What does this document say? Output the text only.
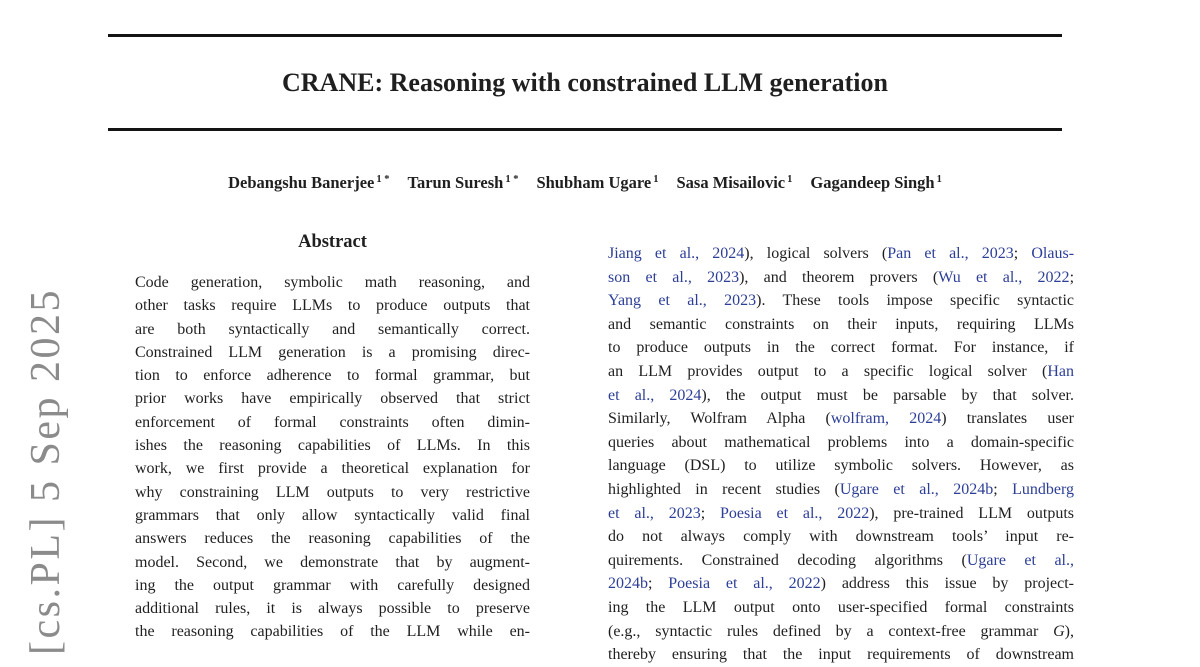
[cs.PL] 5 Sep 2025
CRANE: Reasoning with constrained LLM generation
Debangshu Banerjee $^{1 *}$ Tarun Suresh $^{1 *}$ Shubham Ugare $^1$ Sasa Misailovic $^1$ Gagandeep Singh $^1$
Abstract
Code generation, symbolic math reasoning, and
other tasks require LLMs to produce outputs that
are both syntactically and semantically correct.
Constrained LLM generation is a promising direc-
tion to enforce adherence to formal grammar, but
prior works have empirically observed that strict
enforcement of formal constraints often dimin-
ishes the reasoning capabilities of LLMs. In this
work, we first provide a theoretical explanation for
why constraining LLM outputs to very restrictive
grammars that only allow syntactically valid final
answers reduces the reasoning capabilities of the
model. Second, we demonstrate that by augment-
ing the output grammar with carefully designed
additional rules, it is always possible to preserve
the reasoning capabilities of the LLM while en-
Jiang et al., 2024), logical solvers (Pan et al., 2023; Olaus-
son et al., 2023), and theorem provers (Wu et al., 2022;
Yang et al., 2023). These tools impose specific syntactic
and semantic constraints on their inputs, requiring LLMs
to produce outputs in the correct format. For instance, if
an LLM provides output to a specific logical solver (Han
et al., 2024), the output must be parsable by that solver.
Similarly, Wolfram Alpha (wolfram, 2024) translates user
queries about mathematical problems into a domain-specific
language (DSL) to utilize symbolic solvers. However, as
highlighted in recent studies (Ugare et al., 2024b; Lundberg
et al., 2023; Poesia et al., 2022), pre-trained LLM outputs
do not always comply with downstream tools’ input re-
quirements. Constrained decoding algorithms (Ugare et al.,
2024b; Poesia et al., 2022) address this issue by project-
ing the LLM output onto user-specified formal constraints
(e.g., syntactic rules defined by a context-free grammar G),
thereby ensuring that the input requirements of downstream
